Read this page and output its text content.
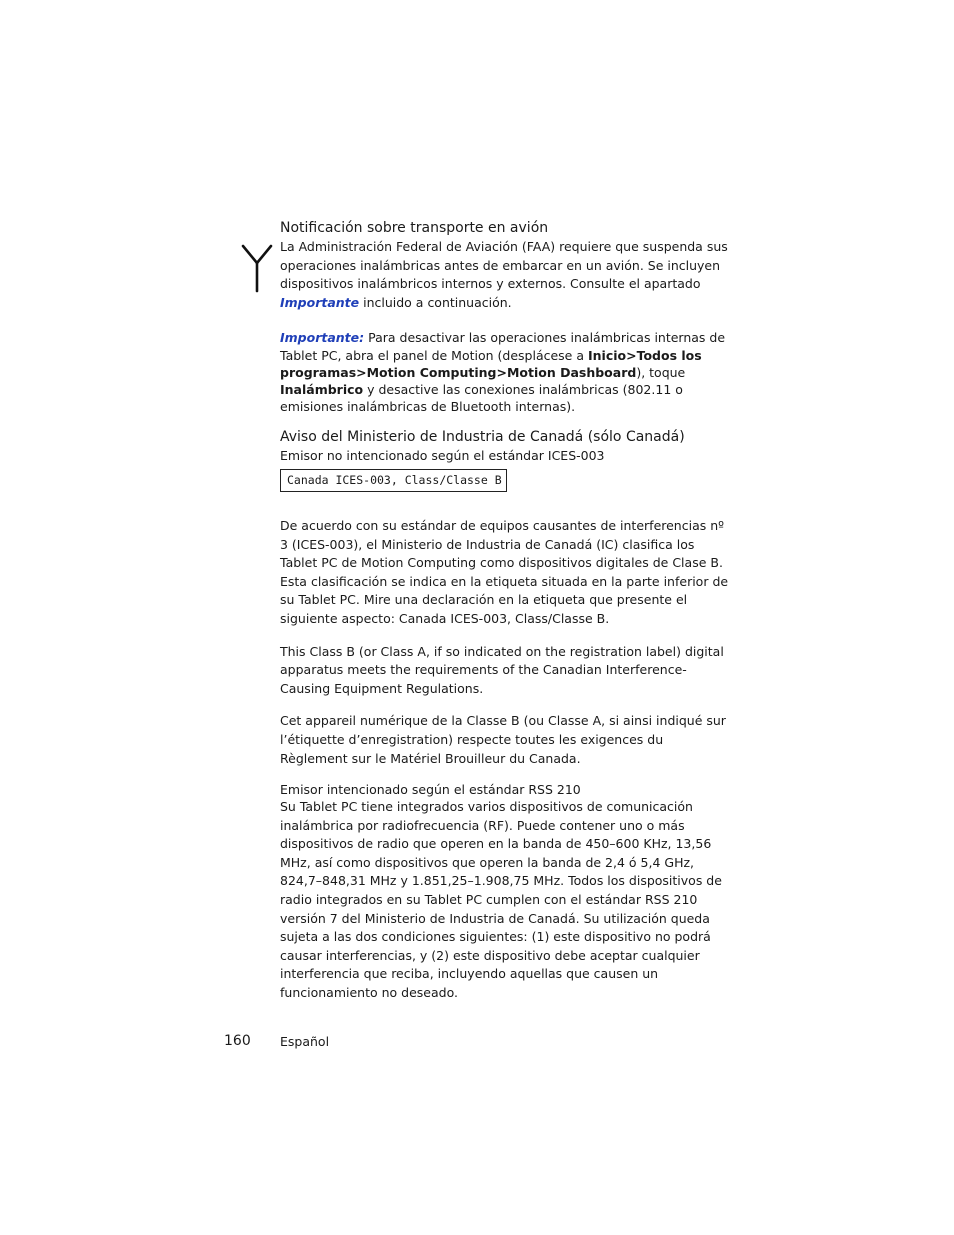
Notificación sobre transporte en avión

La Administración Federal de Aviación (FAA) requiere que suspenda sus operaciones inalámbricas antes de embarcar en un avión. Se incluyen dispositivos inalámbricos internos y externos. Consulte el apartado Importante incluido a continuación.

Importante: Para desactivar las operaciones inalámbricas internas de Tablet PC, abra el panel de Motion (desplácese a Inicio>Todos los programas>Motion Computing>Motion Dashboard), toque Inalámbrico y desactive las conexiones inalámbricas (802.11 o emisiones inalámbricas de Bluetooth internas).

Aviso del Ministerio de Industria de Canadá (sólo Canadá)

Emisor no intencionado según el estándar ICES-003

Canada ICES-003, Class/Classe B

De acuerdo con su estándar de equipos causantes de interferencias nº 3 (ICES-003), el Ministerio de Industria de Canadá (IC) clasifica los Tablet PC de Motion Computing como dispositivos digitales de Clase B. Esta clasificación se indica en la etiqueta situada en la parte inferior de su Tablet PC. Mire una declaración en la etiqueta que presente el siguiente aspecto: Canada ICES-003, Class/Classe B.

This Class B (or Class A, if so indicated on the registration label) digital apparatus meets the requirements of the Canadian Interference-Causing Equipment Regulations.

Cet appareil numérique de la Classe B (ou Classe A, si ainsi indiqué sur l’étiquette d’enregistration) respecte toutes les exigences du Règlement sur le Matériel Brouilleur du Canada.

Emisor intencionado según el estándar RSS 210

Su Tablet PC tiene integrados varios dispositivos de comunicación inalámbrica por radiofrecuencia (RF). Puede contener uno o más dispositivos de radio que operen en la banda de 450–600 KHz, 13,56 MHz, así como dispositivos que operen la banda de 2,4 ó 5,4 GHz, 824,7–848,31 MHz y 1.851,25–1.908,75 MHz. Todos los dispositivos de radio integrados en su Tablet PC cumplen con el estándar RSS 210 versión 7 del Ministerio de Industria de Canadá. Su utilización queda sujeta a las dos condiciones siguientes: (1) este dispositivo no podrá causar interferencias, y (2) este dispositivo debe aceptar cualquier interferencia que reciba, incluyendo aquellas que causen un funcionamiento no deseado.

160 Español
